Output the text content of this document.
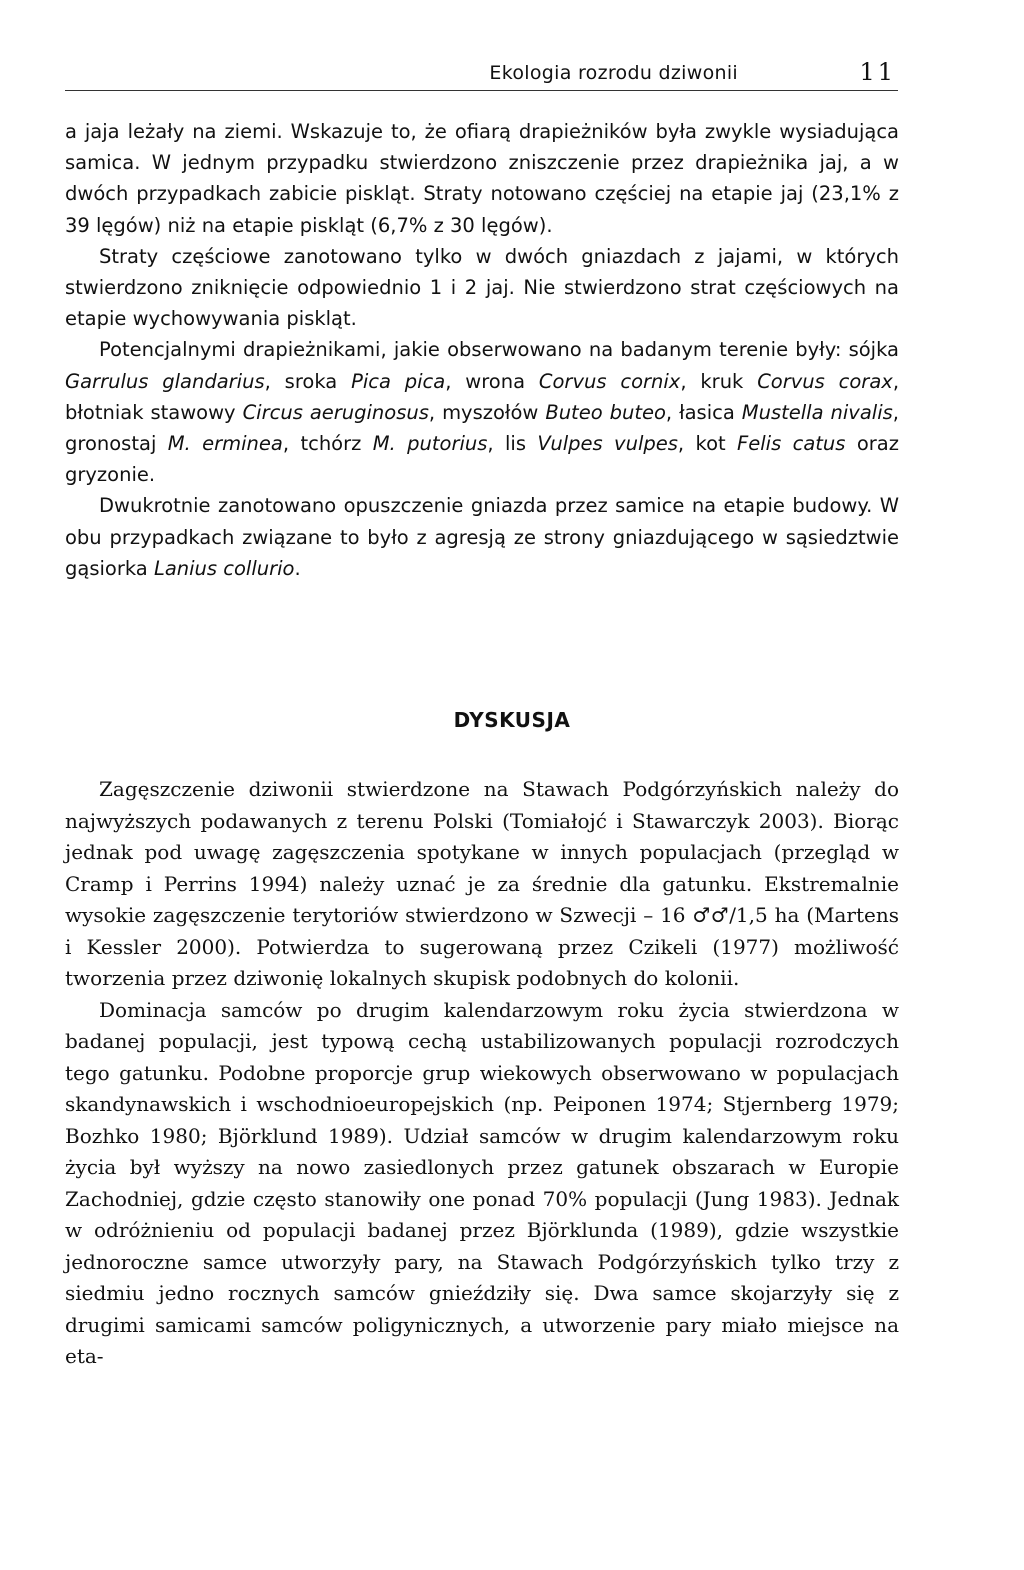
Ekologia rozrodu dziwonii	11

a jaja leżały na ziemi. Wskazuje to, że ofiarą drapieżników była zwykle wysiadująca samica. W jednym przypadku stwierdzono zniszczenie przez drapieżnika jaj, a w dwóch przypadkach zabicie piskląt. Straty notowano częściej na etapie jaj (23,1% z 39 lęgów) niż na etapie piskląt (6,7% z 30 lęgów).

Straty częściowe zanotowano tylko w dwóch gniazdach z jajami, w których stwierdzono zniknięcie odpowiednio 1 i 2 jaj. Nie stwierdzono strat częściowych na etapie wychowywania piskląt.

Potencjalnymi drapieżnikami, jakie obserwowano na badanym terenie były: sójka Garrulus glandarius, sroka Pica pica, wrona Corvus cornix, kruk Corvus corax, błotniak stawowy Circus aeruginosus, myszołów Buteo buteo, łasica Mustella nivalis, gronostaj M. erminea, tchórz M. putorius, lis Vulpes vulpes, kot Felis catus oraz gryzonie.

Dwukrotnie zanotowano opuszczenie gniazda przez samice na etapie budowy. W obu przypadkach związane to było z agresją ze strony gniazdującego w sąsiedztwie gąsiorka Lanius collurio.

DYSKUSJA

Zagęszczenie dziwonii stwierdzone na Stawach Podgórzyńskich należy do najwyższych podawanych z terenu Polski (Tomiałojć i Stawarczyk 2003). Biorąc jednak pod uwagę zagęszczenia spotykane w innych populacjach (przegląd w Cramp i Perrins 1994) należy uznać je za średnie dla gatunku. Ekstremalnie wysokie zagęszczenie terytoriów stwierdzono w Szwecji – 16 ♂♂/1,5 ha (Martens i Kessler 2000). Potwierdza to sugerowaną przez Czikeli (1977) możliwość tworzenia przez dziwonię lokalnych skupisk podobnych do kolonii.

Dominacja samców po drugim kalendarzowym roku życia stwierdzona w badanej populacji, jest typową cechą ustabilizowanych populacji rozrodczych tego gatunku. Podobne proporcje grup wiekowych obserwowano w populacjach skandynawskich i wschodnioeuropejskich (np. Peiponen 1974; Stjernberg 1979; Bozhko 1980; Björklund 1989). Udział samców w drugim kalendarzowym roku życia był wyższy na nowo zasiedlonych przez gatunek obszarach w Europie Zachodniej, gdzie często stanowiły one ponad 70% populacji (Jung 1983). Jednak w odróżnieniu od populacji badanej przez Björklunda (1989), gdzie wszystkie jednoroczne samce utworzyły pary, na Stawach Podgórzyńskich tylko trzy z siedmiu jedno rocznych samców gnieździły się. Dwa samce skojarzyły się z drugimi samicami samców poligynicznych, a utworzenie pary miało miejsce na eta-
